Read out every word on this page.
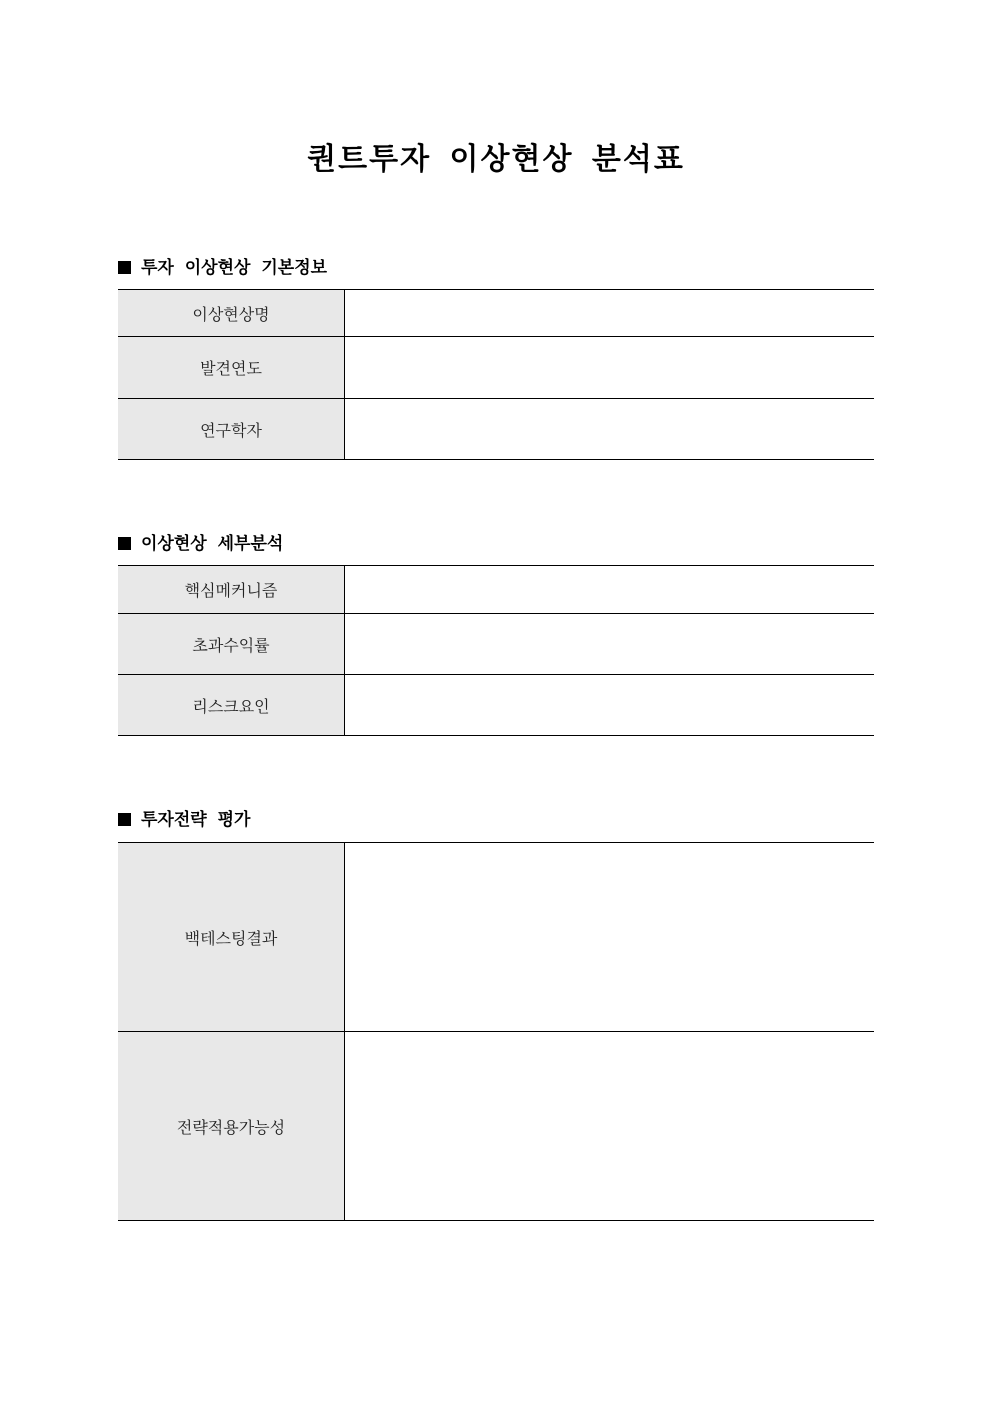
퀀트투자 이상현상 분석표
투자 이상현상 기본정보
이상현상명	
발견연도	
연구학자	
이상현상 세부분석
핵심메커니즘	
초과수익률	
리스크요인	
투자전략 평가
백테스팅결과	
전략적용가능성	
